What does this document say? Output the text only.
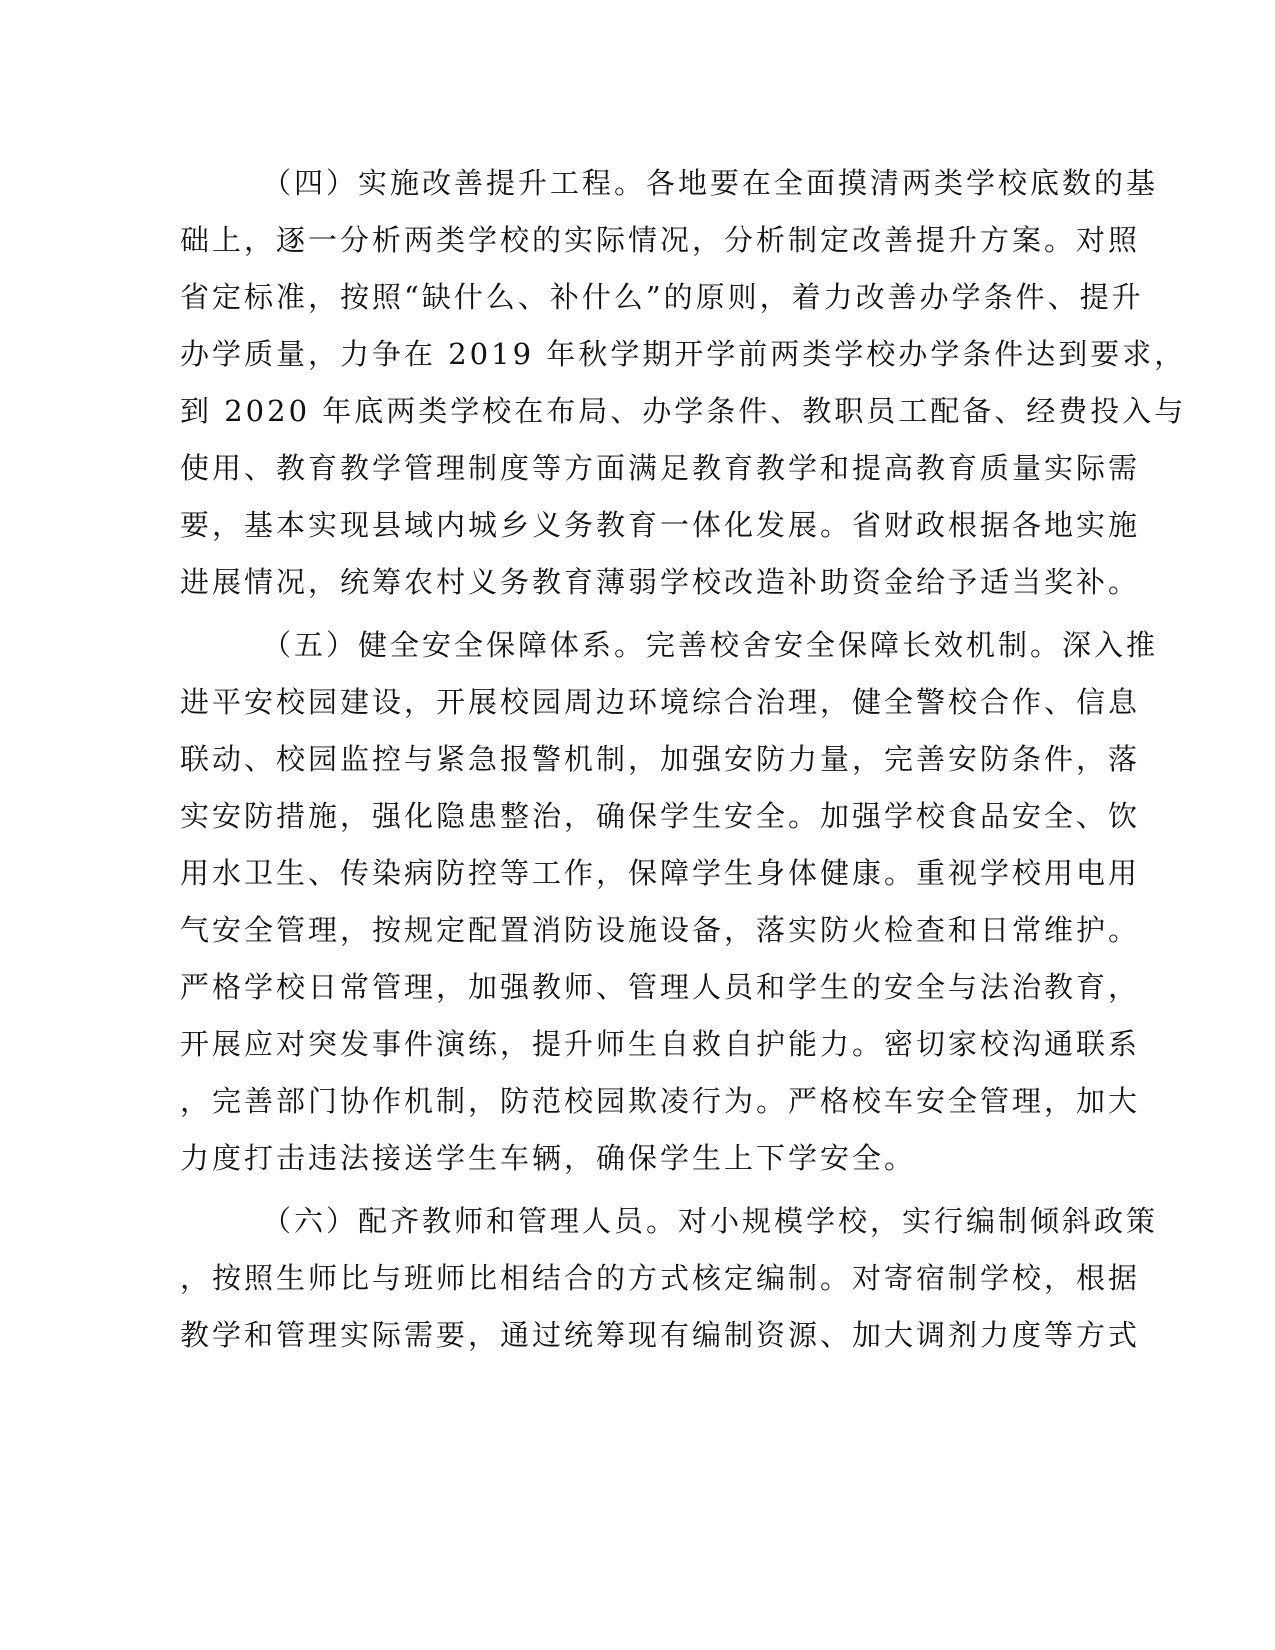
（四）实施改善提升工程。各地要在全面摸清两类学校底数的基
础上，逐一分析两类学校的实际情况，分析制定改善提升方案。对照
省定标准，按照“缺什么、补什么”的原则，着力改善办学条件、提升
办学质量，力争在 2019 年秋学期开学前两类学校办学条件达到要求，
到 2020 年底两类学校在布局、办学条件、教职员工配备、经费投入与
使用、教育教学管理制度等方面满足教育教学和提高教育质量实际需
要，基本实现县域内城乡义务教育一体化发展。省财政根据各地实施
进展情况，统筹农村义务教育薄弱学校改造补助资金给予适当奖补。
（五）健全安全保障体系。完善校舍安全保障长效机制。深入推
进平安校园建设，开展校园周边环境综合治理，健全警校合作、信息
联动、校园监控与紧急报警机制，加强安防力量，完善安防条件，落
实安防措施，强化隐患整治，确保学生安全。加强学校食品安全、饮
用水卫生、传染病防控等工作，保障学生身体健康。重视学校用电用
气安全管理，按规定配置消防设施设备，落实防火检查和日常维护。
严格学校日常管理，加强教师、管理人员和学生的安全与法治教育，
开展应对突发事件演练，提升师生自救自护能力。密切家校沟通联系
，完善部门协作机制，防范校园欺凌行为。严格校车安全管理，加大
力度打击违法接送学生车辆，确保学生上下学安全。
（六）配齐教师和管理人员。对小规模学校，实行编制倾斜政策
，按照生师比与班师比相结合的方式核定编制。对寄宿制学校，根据
教学和管理实际需要，通过统筹现有编制资源、加大调剂力度等方式
